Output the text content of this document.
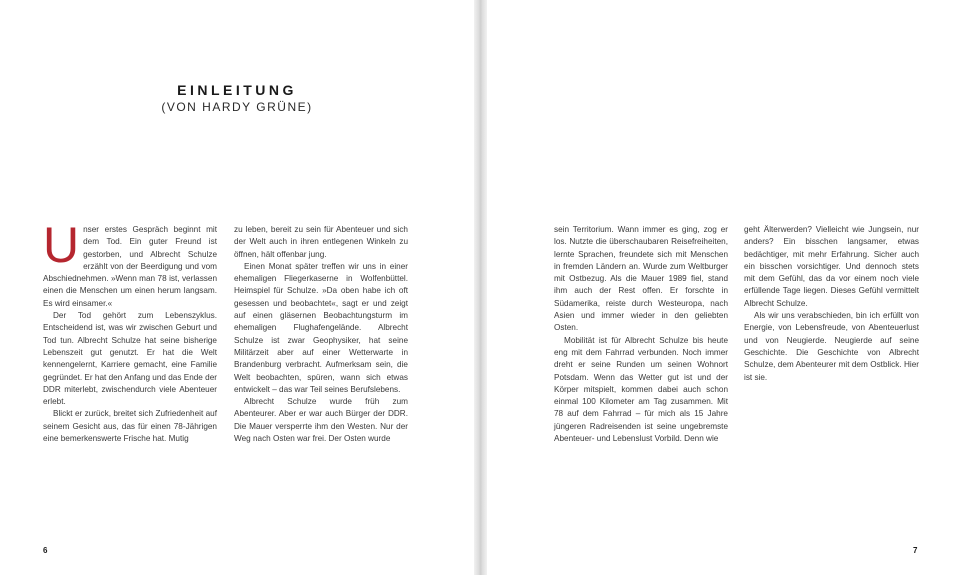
EINLEITUNG
(VON HARDY GRÜNE)

Unser erstes Gespräch beginnt mit dem Tod. Ein guter Freund ist gestorben, und Albrecht Schulze erzählt von der Beerdigung und vom Abschiednehmen. »Wenn man 78 ist, verlassen einen die Menschen um einen herum langsam. Es wird einsamer.«

Der Tod gehört zum Lebenszyklus. Entscheidend ist, was wir zwischen Geburt und Tod tun. Albrecht Schulze hat seine bisherige Lebenszeit gut genutzt. Er hat die Welt kennengelernt, Karriere gemacht, eine Familie gegründet. Er hat den Anfang und das Ende der DDR miterlebt, zwischendurch viele Abenteuer erlebt.

Blickt er zurück, breitet sich Zufriedenheit auf seinem Gesicht aus, das für einen 78-Jährigen eine bemerkenswerte Frische hat. Mutig

zu leben, bereit zu sein für Abenteuer und sich der Welt auch in ihren entlegenen Winkeln zu öffnen, hält offenbar jung.

Einen Monat später treffen wir uns in einer ehemaligen Fliegerkaserne in Wolfenbüttel. Heimspiel für Schulze. »Da oben habe ich oft gesessen und beobachtet«, sagt er und zeigt auf einen gläsernen Beobachtungsturm im ehemaligen Flughafengelände. Albrecht Schulze ist zwar Geophysiker, hat seine Militärzeit aber auf einer Wetterwarte in Brandenburg verbracht. Aufmerksam sein, die Welt beobachten, spüren, wann sich etwas entwickelt – das war Teil seines Berufslebens.

Albrecht Schulze wurde früh zum Abenteurer. Aber er war auch Bürger der DDR. Die Mauer versperrte ihm den Westen. Nur der Weg nach Osten war frei. Der Osten wurde

6

sein Territorium. Wann immer es ging, zog er los. Nutzte die überschaubaren Reisefreiheiten, lernte Sprachen, freundete sich mit Menschen in fremden Ländern an. Wurde zum Weltburger mit Ostbezug. Als die Mauer 1989 fiel, stand ihm auch der Rest offen. Er forschte in Südamerika, reiste durch Westeuropa, nach Asien und immer wieder in den geliebten Osten.

Mobilität ist für Albrecht Schulze bis heute eng mit dem Fahrrad verbunden. Noch immer dreht er seine Runden um seinen Wohnort Potsdam. Wenn das Wetter gut ist und der Körper mitspielt, kommen dabei auch schon einmal 100 Kilometer am Tag zusammen. Mit 78 auf dem Fahrrad – für mich als 15 Jahre jüngeren Radreisenden ist seine ungebremste Abenteuer- und Lebenslust Vorbild. Denn wie

geht Älterwerden? Vielleicht wie Jungsein, nur anders? Ein bisschen langsamer, etwas bedächtiger, mit mehr Erfahrung. Sicher auch ein bisschen vorsichtiger. Und dennoch stets mit dem Gefühl, das da vor einem noch viele erfüllende Tage liegen. Dieses Gefühl vermittelt Albrecht Schulze.

Als wir uns verabschieden, bin ich erfüllt von Energie, von Lebensfreude, von Abenteuerlust und von Neugierde. Neugierde auf seine Geschichte. Die Geschichte von Albrecht Schulze, dem Abenteurer mit dem Ostblick. Hier ist sie.

7
